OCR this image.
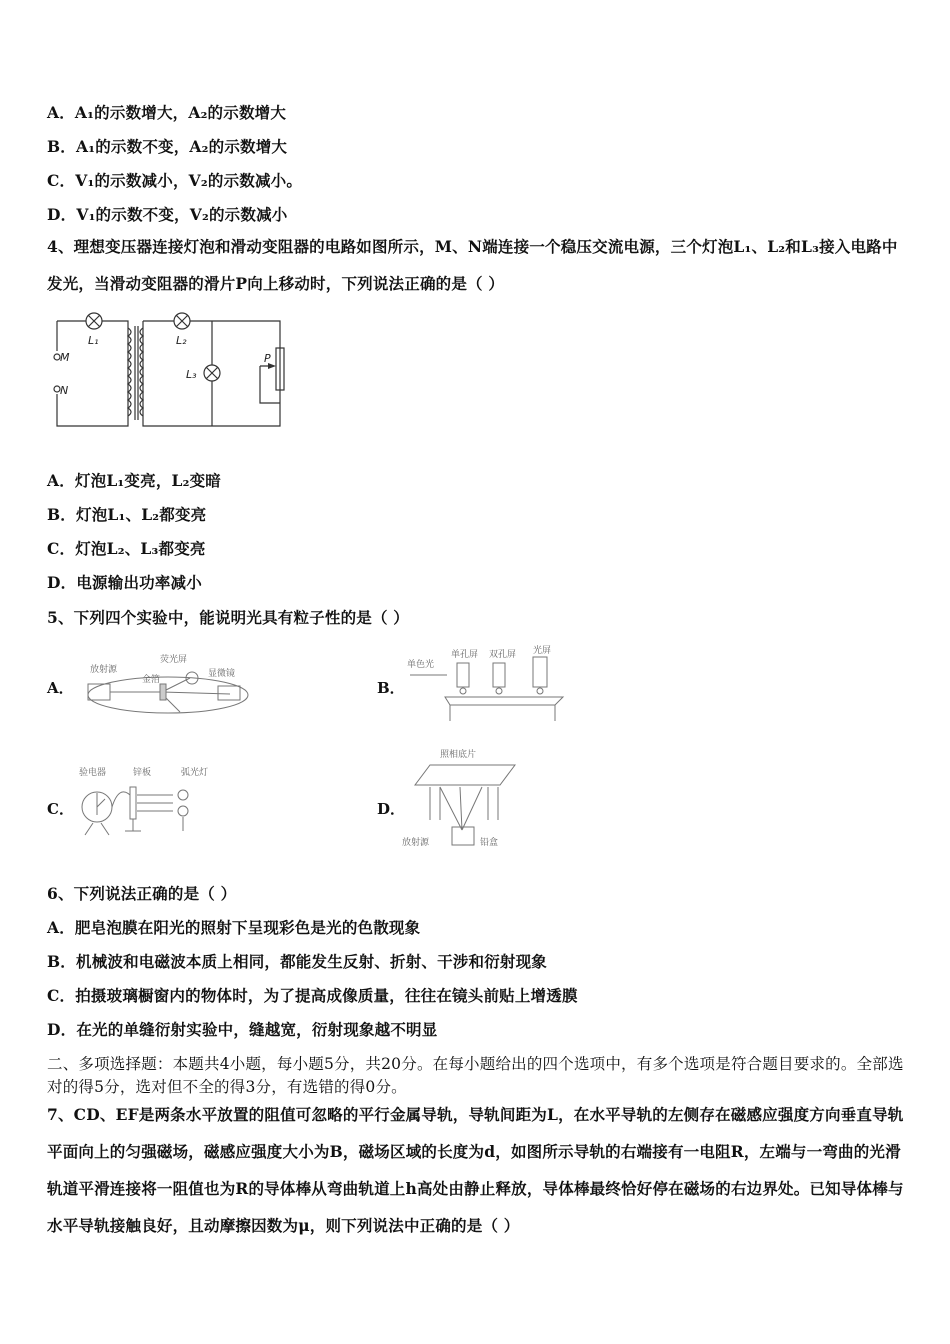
A．A₁的示数增大，A₂的示数增大
B．A₁的示数不变，A₂的示数增大
C．V₁的示数减小，V₂的示数减小。
D．V₁的示数不变，V₂的示数减小
4、理想变压器连接灯泡和滑动变阻器的电路如图所示，M、N端连接一个稳压交流电源，三个灯泡L₁、L₂和L₃接入电路中发光，当滑动变阻器的滑片P向上移动时，下列说法正确的是（ ）
M
N
L₁	L₂
L₃
P
A．灯泡L₁变亮，L₂变暗
B．灯泡L₁、L₂都变亮
C．灯泡L₂、L₃都变亮
D．电源输出功率减小
5、下列四个实验中，能说明光具有粒子性的是（ ）
A．
放射源
荧光屏
金箔
显微镜
B．
单色光
单孔屏 双孔屏 光屏
C．
验电器	锌板	弧光灯
D．
照相底片
放射源	铅盒
6、下列说法正确的是（ ）
A．肥皂泡膜在阳光的照射下呈现彩色是光的色散现象
B．机械波和电磁波本质上相同，都能发生反射、折射、干涉和衍射现象
C．拍摄玻璃橱窗内的物体时，为了提高成像质量，往往在镜头前贴上增透膜
D．在光的单缝衍射实验中，缝越宽，衍射现象越不明显
二、多项选择题：本题共4小题，每小题5分，共20分。在每小题给出的四个选项中，有多个选项是符合题目要求的。全部选对的得5分，选对但不全的得3分，有选错的得0分。
7、CD、EF是两条水平放置的阻值可忽略的平行金属导轨，导轨间距为L，在水平导轨的左侧存在磁感应强度方向垂直导轨平面向上的匀强磁场，磁感应强度大小为B，磁场区域的长度为d，如图所示导轨的右端接有一电阻R，左端与一弯曲的光滑轨道平滑连接将一阻值也为R的导体棒从弯曲轨道上h高处由静止释放，导体棒最终恰好停在磁场的右边界处。已知导体棒与水平导轨接触良好，且动摩擦因数为μ，则下列说法中正确的是（ ）
